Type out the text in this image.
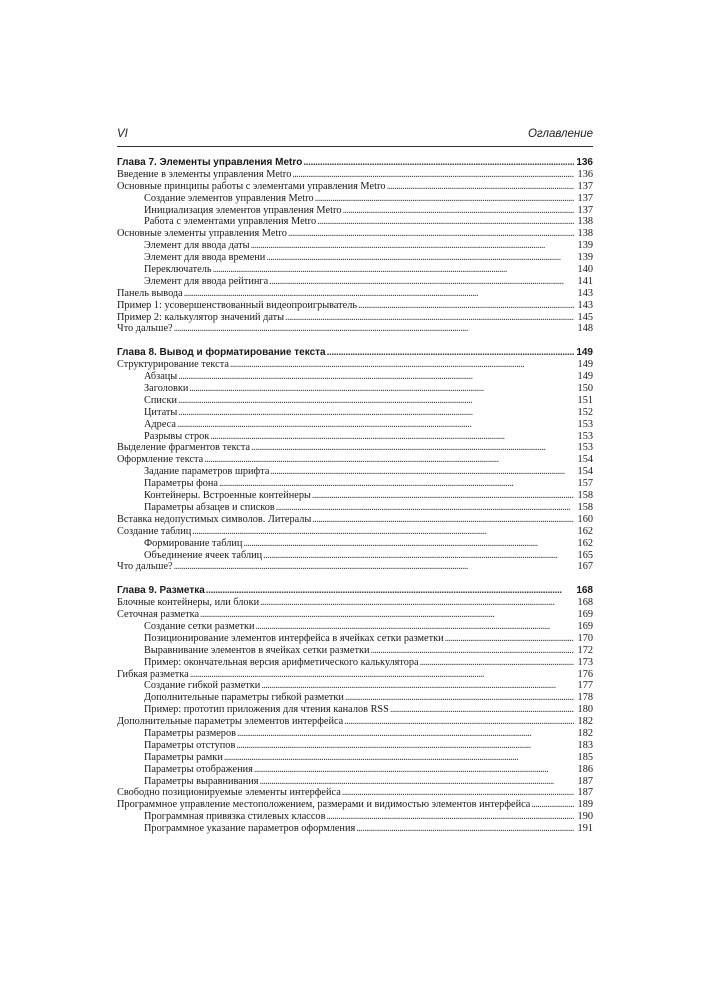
VI	Оглавление
Глава 7. Элементы управления Metro . . .	136
Введение в элементы управления Metro . . .	136
Основные принципы работы с элементами управления Metro . . .	137
Создание элементов управления Metro . . .	137
Инициализация элементов управления Metro . . .	137
Работа с элементами управления Metro . . .	138
Основные элементы управления Metro . . .	138
Элемент для ввода даты . . .	139
Элемент для ввода времени . . .	139
Переключатель . . .	140
Элемент для ввода рейтинга . . .	141
Панель вывода . . .	143
Пример 1: усовершенствованный видеопроигрыватель . . .	143
Пример 2: калькулятор значений даты . . .	145
Что дальше? . . .	148
Глава 8. Вывод и форматирование текста . . .	149
Структурирование текста . . .	149
Абзацы . . .	149
Заголовки . . .	150
Списки . . .	151
Цитаты . . .	152
Адреса . . .	153
Разрывы строк . . .	153
Выделение фрагментов текста . . .	153
Оформление текста . . .	154
Задание параметров шрифта . . .	154
Параметры фона . . .	157
Контейнеры. Встроенные контейнеры . . .	158
Параметры абзацев и списков . . .	158
Вставка недопустимых символов. Литералы . . .	160
Создание таблиц . . .	162
Формирование таблиц . . .	162
Объединение ячеек таблиц . . .	165
Что дальше? . . .	167
Глава 9. Разметка . . .	168
Блочные контейнеры, или блоки . . .	168
Сеточная разметка . . .	169
Создание сетки разметки . . .	169
Позиционирование элементов интерфейса в ячейках сетки разметки . . .	170
Выравнивание элементов в ячейках сетки разметки . . .	172
Пример: окончательная версия арифметического калькулятора . . .	173
Гибкая разметка . . .	176
Создание гибкой разметки . . .	177
Дополнительные параметры гибкой разметки . . .	178
Пример: прототип приложения для чтения каналов RSS . . .	180
Дополнительные параметры элементов интерфейса . . .	182
Параметры размеров . . .	182
Параметры отступов . . .	183
Параметры рамки . . .	185
Параметры отображения . . .	186
Параметры выравнивания . . .	187
Свободно позиционируемые элементы интерфейса . . .	187
Программное управление местоположением, размерами и видимостью элементов интерфейса . . .	189
Программная привязка стилевых классов . . .	190
Программное указание параметров оформления . . .	191
